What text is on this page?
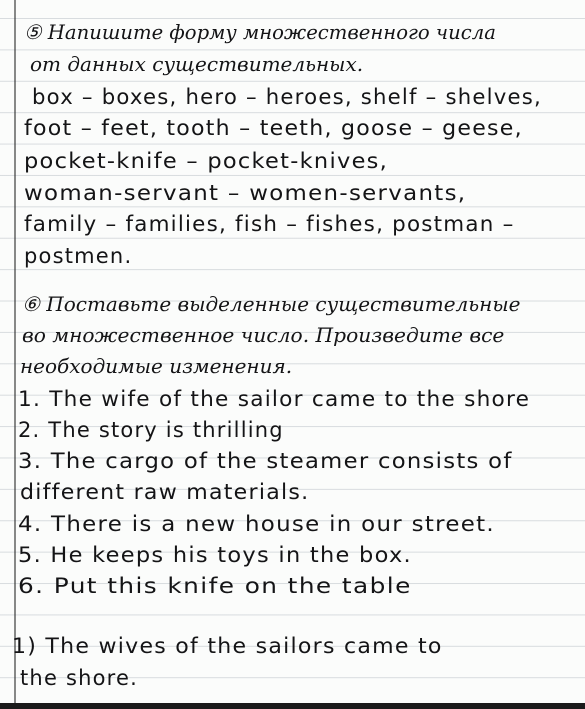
⑤ Напишите форму множественного числа
от данных существительных.
box – boxes, hero – heroes, shelf – shelves,
foot – feet, tooth – teeth, goose – geese,
pocket-knife – pocket-knives,
woman-servant – women-servants,
family – families, fish – fishes, postman –
postmen.
⑥ Поставьте выделенные существительные
во множественное число. Произведите все
необходимые изменения.
1. The wife of the sailor came to the shore
2. The story is thrilling
3. The cargo of the steamer consists of
different raw materials.
4. There is a new house in our street.
5. He keeps his toys in the box.
6. Put this knife on the table
1) The wives of the sailors came to
the shore.
